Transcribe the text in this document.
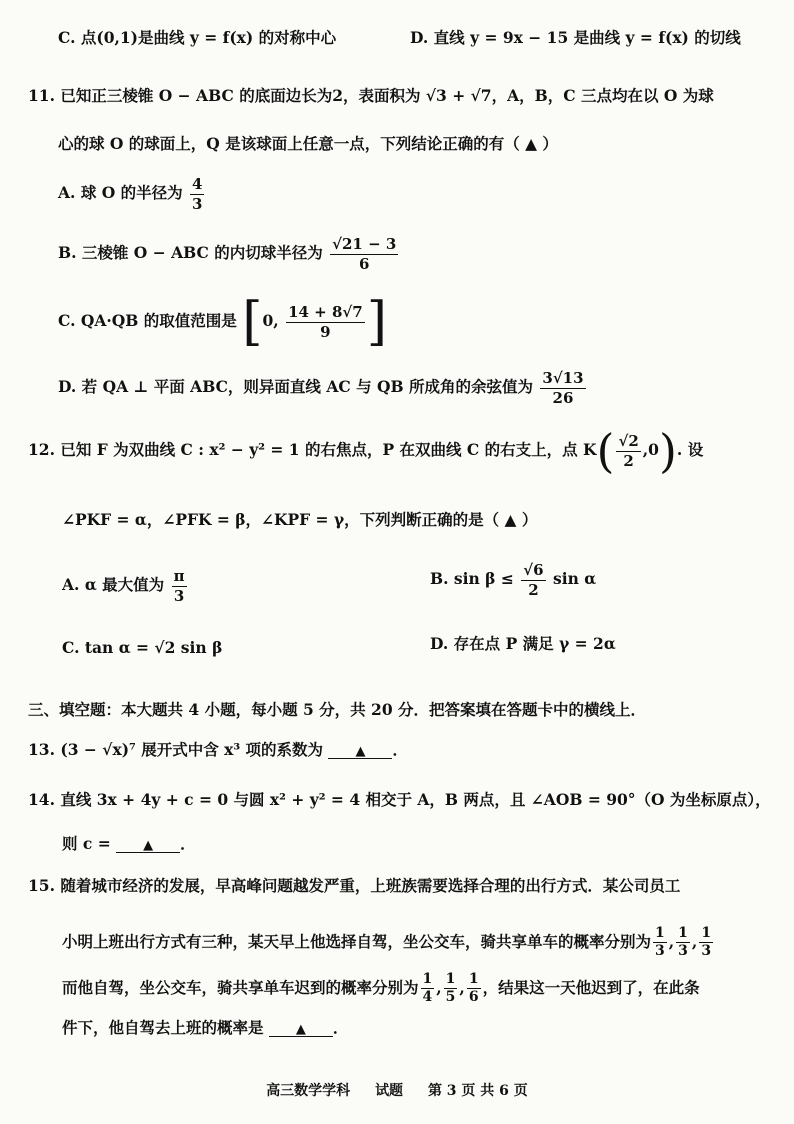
C. 点(0,1)是曲线 y = f(x) 的对称中心	D. 直线 y = 9x − 15 是曲线 y = f(x) 的切线
11. 已知正三棱锥 O − ABC 的底面边长为2，表面积为 √3 + √7，A，B，C 三点均在以 O 为球
心的球 O 的球面上，Q 是该球面上任意一点，下列结论正确的有（ ▲ ）
A. 球 O 的半径为 $\frac{4}{3}$
B. 三棱锥 O − ABC 的内切球半径为 $\frac{√21 - 3}{6}$
C. QA·QB 的取值范围是 [0, $\frac{14 + 8√7}{9}$ ]
D. 若 QA ⊥ 平面 ABC，则异面直线 AC 与 QB 所成角的余弦值为 $\frac{3√13}{26}$
12. 已知 F 为双曲线 C : x² − y² = 1 的右焦点，P 在双曲线 C 的右支上，点 $K( \frac{√2}{2} ,0)$. 设
∠PKF = α，∠PFK = β，∠KPF = γ，下列判断正确的是（ ▲ ）
A. α 最大值为 $\frac{\pi}{3}$	B. $\sin \beta \le \frac{√6}{2}$ sin α
C. tan α = √2 sin β	D. 存在点 P 满足 γ = 2α
三、填空题：本大题共 4 小题，每小题 5 分，共 20 分．把答案填在答题卡中的横线上．
13. (3 − √x)⁷ 展开式中含 x³ 项的系数为 ▲ ．
14. 直线 3x + 4y + c = 0 与圆 x² + y² = 4 相交于 A，B 两点，且 ∠AOB = 90°（O 为坐标原点），
则 c = ▲ ．
15. 随着城市经济的发展，早高峰问题越发严重，上班族需要选择合理的出行方式．某公司员工
小明上班出行方式有三种，某天早上他选择自驾，坐公交车，骑共享单车的概率分别为 $\frac{1}{3}$ , $\frac{1}{3}$ , $\frac{1}{3}$
而他自驾，坐公交车，骑共享单车迟到的概率分别为 $\frac{1}{4}$ , $\frac{1}{5}$ , $\frac{1}{6}$ ，结果这一天他迟到了，在此条
件下，他自驾去上班的概率是 ▲ ．
高三数学学科 试题 第 3 页 共 6 页
